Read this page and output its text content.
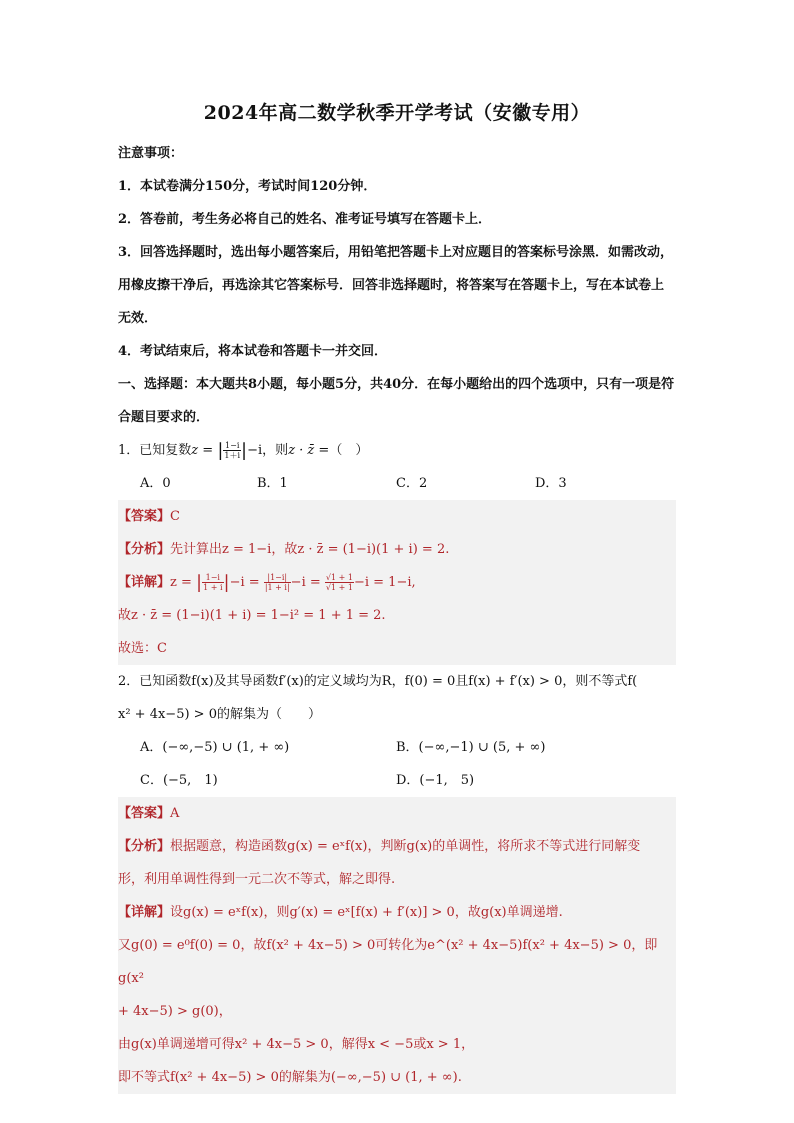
2024年高二数学秋季开学考试（安徽专用）

注意事项：

1．本试卷满分150分，考试时间120分钟．

2．答卷前，考生务必将自己的姓名、准考证号填写在答题卡上．

3．回答选择题时，选出每小题答案后，用铅笔把答题卡上对应题目的答案标号涂黑．如需改动，用橡皮擦干净后，再选涂其它答案标号．回答非选择题时，将答案写在答题卡上，写在本试卷上无效．

4．考试结束后，将本试卷和答题卡一并交回．

一、选择题：本大题共8小题，每小题5分，共40分．在每小题给出的四个选项中，只有一项是符合题目要求的．

1．已知复数z = | $\frac{1-i}{1+i} |-i$，则z · z̄ =（　）

A．0	B．1	C．2	D．3
【答案】C
【分析】先计算出z = 1−i，故z · z̄ = (1−i)(1 + i) = 2.
【详解】z = | $\frac{1-i}{1 + i} |-i = \frac{|1-i|}{|1 + i|} -i = \frac{√1 + 1}{√1 + 1} -i = 1-i$,
故z · z̄ = (1−i)(1 + i) = 1−i² = 1 + 1 = 2.
故选：C

2．已知函数f(x)及其导函数f′(x)的定义域均为R，f(0) = 0且f(x) + f′(x) > 0，则不等式f(

x² + 4x−5) > 0的解集为（　　）

A．(−∞,−5) ∪ (1, + ∞)	B．(−∞,−1) ∪ (5, + ∞)
C．(−5,　1)	D．(−1,　5)
【答案】A
【分析】根据题意，构造函数g(x) = eˣf(x)，判断g(x)的单调性，将所求不等式进行同解变
形，利用单调性得到一元二次不等式，解之即得.
【详解】设g(x) = eˣf(x)，则g′(x) = eˣ[f(x) + f′(x)] > 0，故g(x)单调递增.
又g(0) = e⁰f(0) = 0，故f(x² + 4x−5) > 0可转化为e^(x² + 4x−5)f(x² + 4x−5) > 0，即g(x²
+ 4x−5) > g(0)，
由g(x)单调递增可得x² + 4x−5 > 0，解得x < −5或x > 1，
即不等式f(x² + 4x−5) > 0的解集为(−∞,−5) ∪ (1, + ∞).
